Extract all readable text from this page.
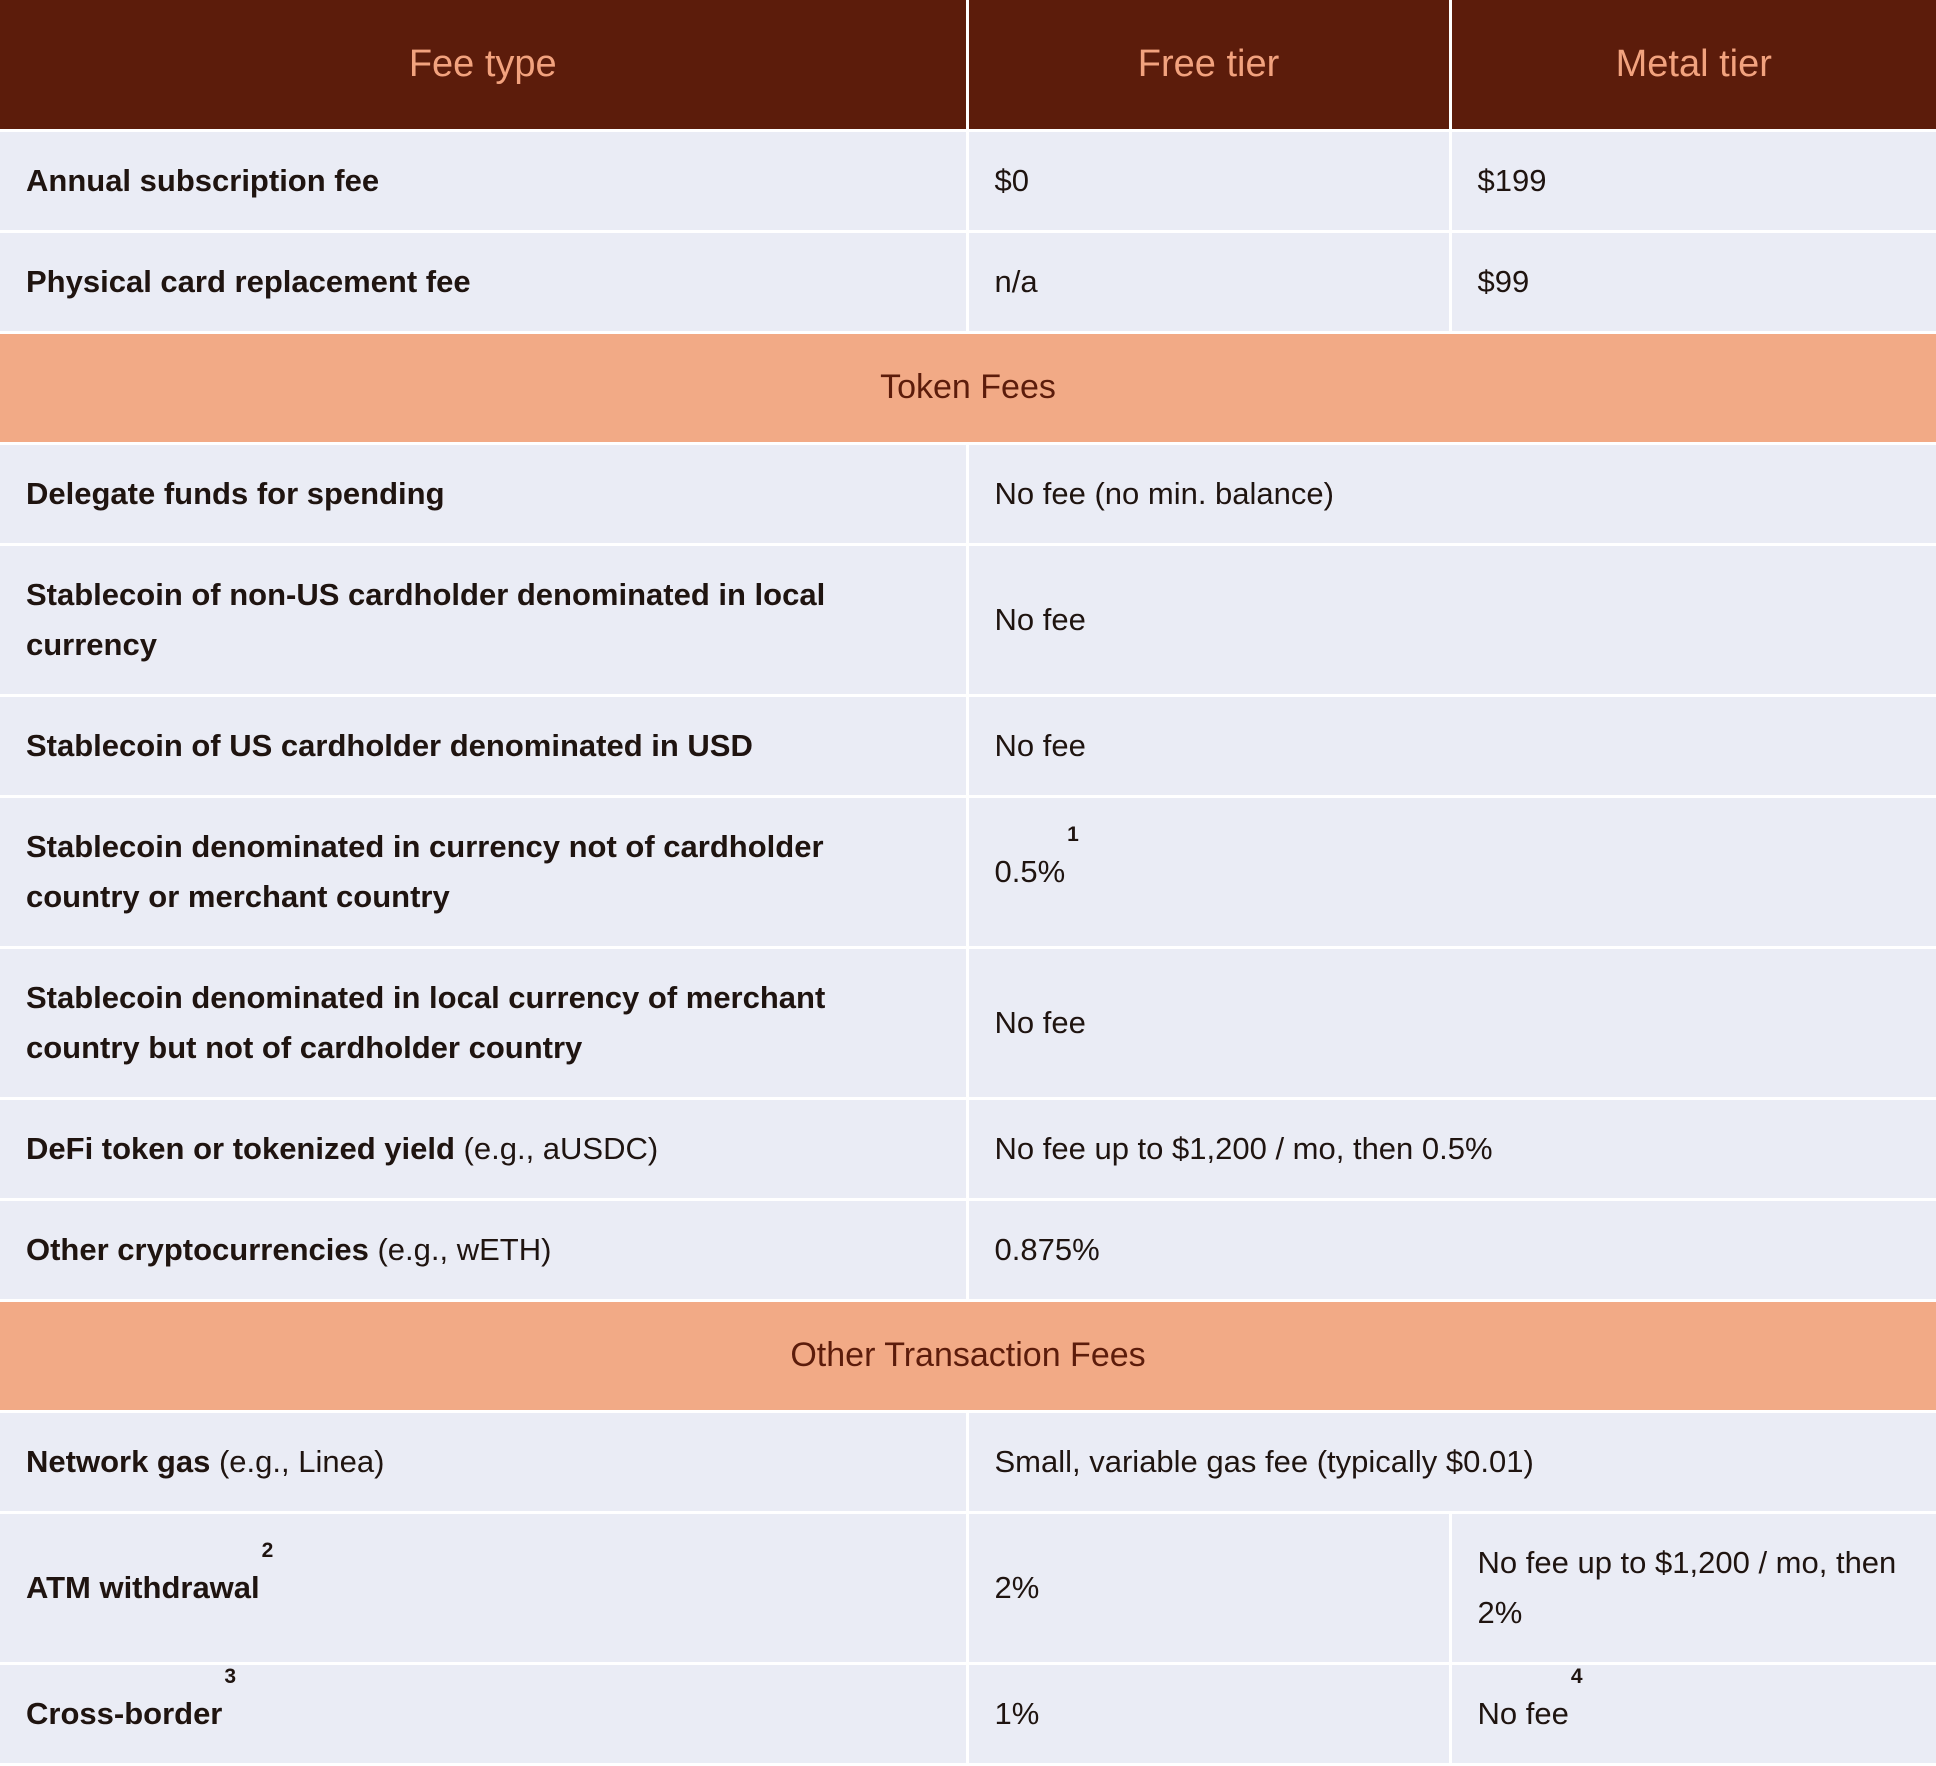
Fee type	Free tier	Metal tier
Annual subscription fee	$0	$199
Physical card replacement fee	n/a	$99
Token Fees		
Delegate funds for spending	No fee (no min. balance)	
Stablecoin of non-US cardholder denominated in local currency	No fee	
Stablecoin of US cardholder denominated in USD	No fee	
Stablecoin denominated in currency not of cardholder country or merchant country	0.5%$^1$
Stablecoin denominated in local currency of merchant country but not of cardholder country	No fee	
DeFi token or tokenized yield (e.g., aUSDC)	No fee up to $1,200 / mo, then 0.5%	
Other cryptocurrencies (e.g., wETH)	0.875%	
Other Transaction Fees		
Network gas (e.g., Linea)	Small, variable gas fee (typically $0.01)	
ATM withdrawal$^2$	2%	No fee up to $1,200 / mo, then 2%
Cross-border$^3$	1%	No fee$^4$
